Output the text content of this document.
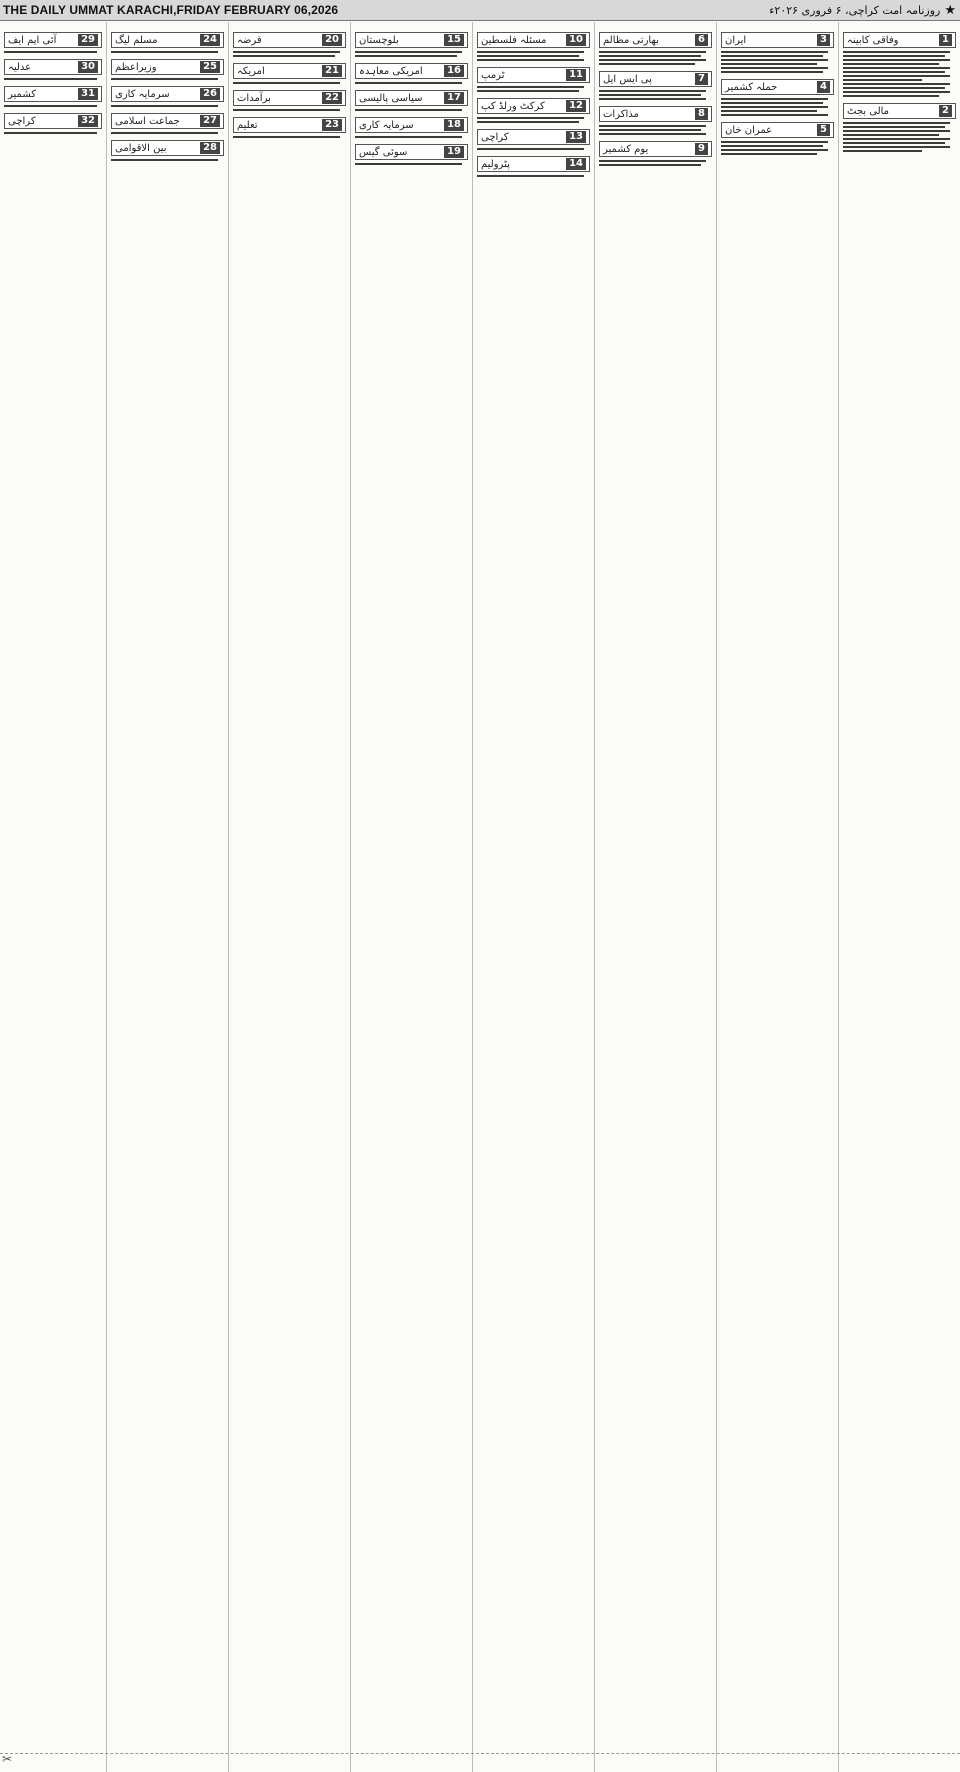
THE DAILY UMMAT KARACHI,FRIDAY FEBRUARY 06,2026	★
روزنامہ امت کراچی، ۶ فروری ۲۰۲۶ء
1
وفاقی کابینہ
2
مالی بجٹ
3
ایران
4
حملہ کشمیر
5
عمران خان
6
بھارتی مظالم
7
پی ایس ایل
8
مذاکرات
9
یوم کشمیر
10
مسئلہ فلسطین
11
ٹرمپ
12
کرکٹ ورلڈ کپ
13
کراچی
14
پٹرولیم
15
بلوچستان
16
امریکی معاہدہ
17
سیاسی پالیسی
18
سرمایہ کاری
19
سوئی گیس
20
قرضہ
21
امریکہ
22
برآمدات
23
تعلیم
24
مسلم لیگ
25
وزیراعظم
26
سرمایہ کاری
27
جماعت اسلامی
28
بین الاقوامی
29
آئی ایم ایف
30
عدلیہ
31
کشمیر
32
کراچی
✂
